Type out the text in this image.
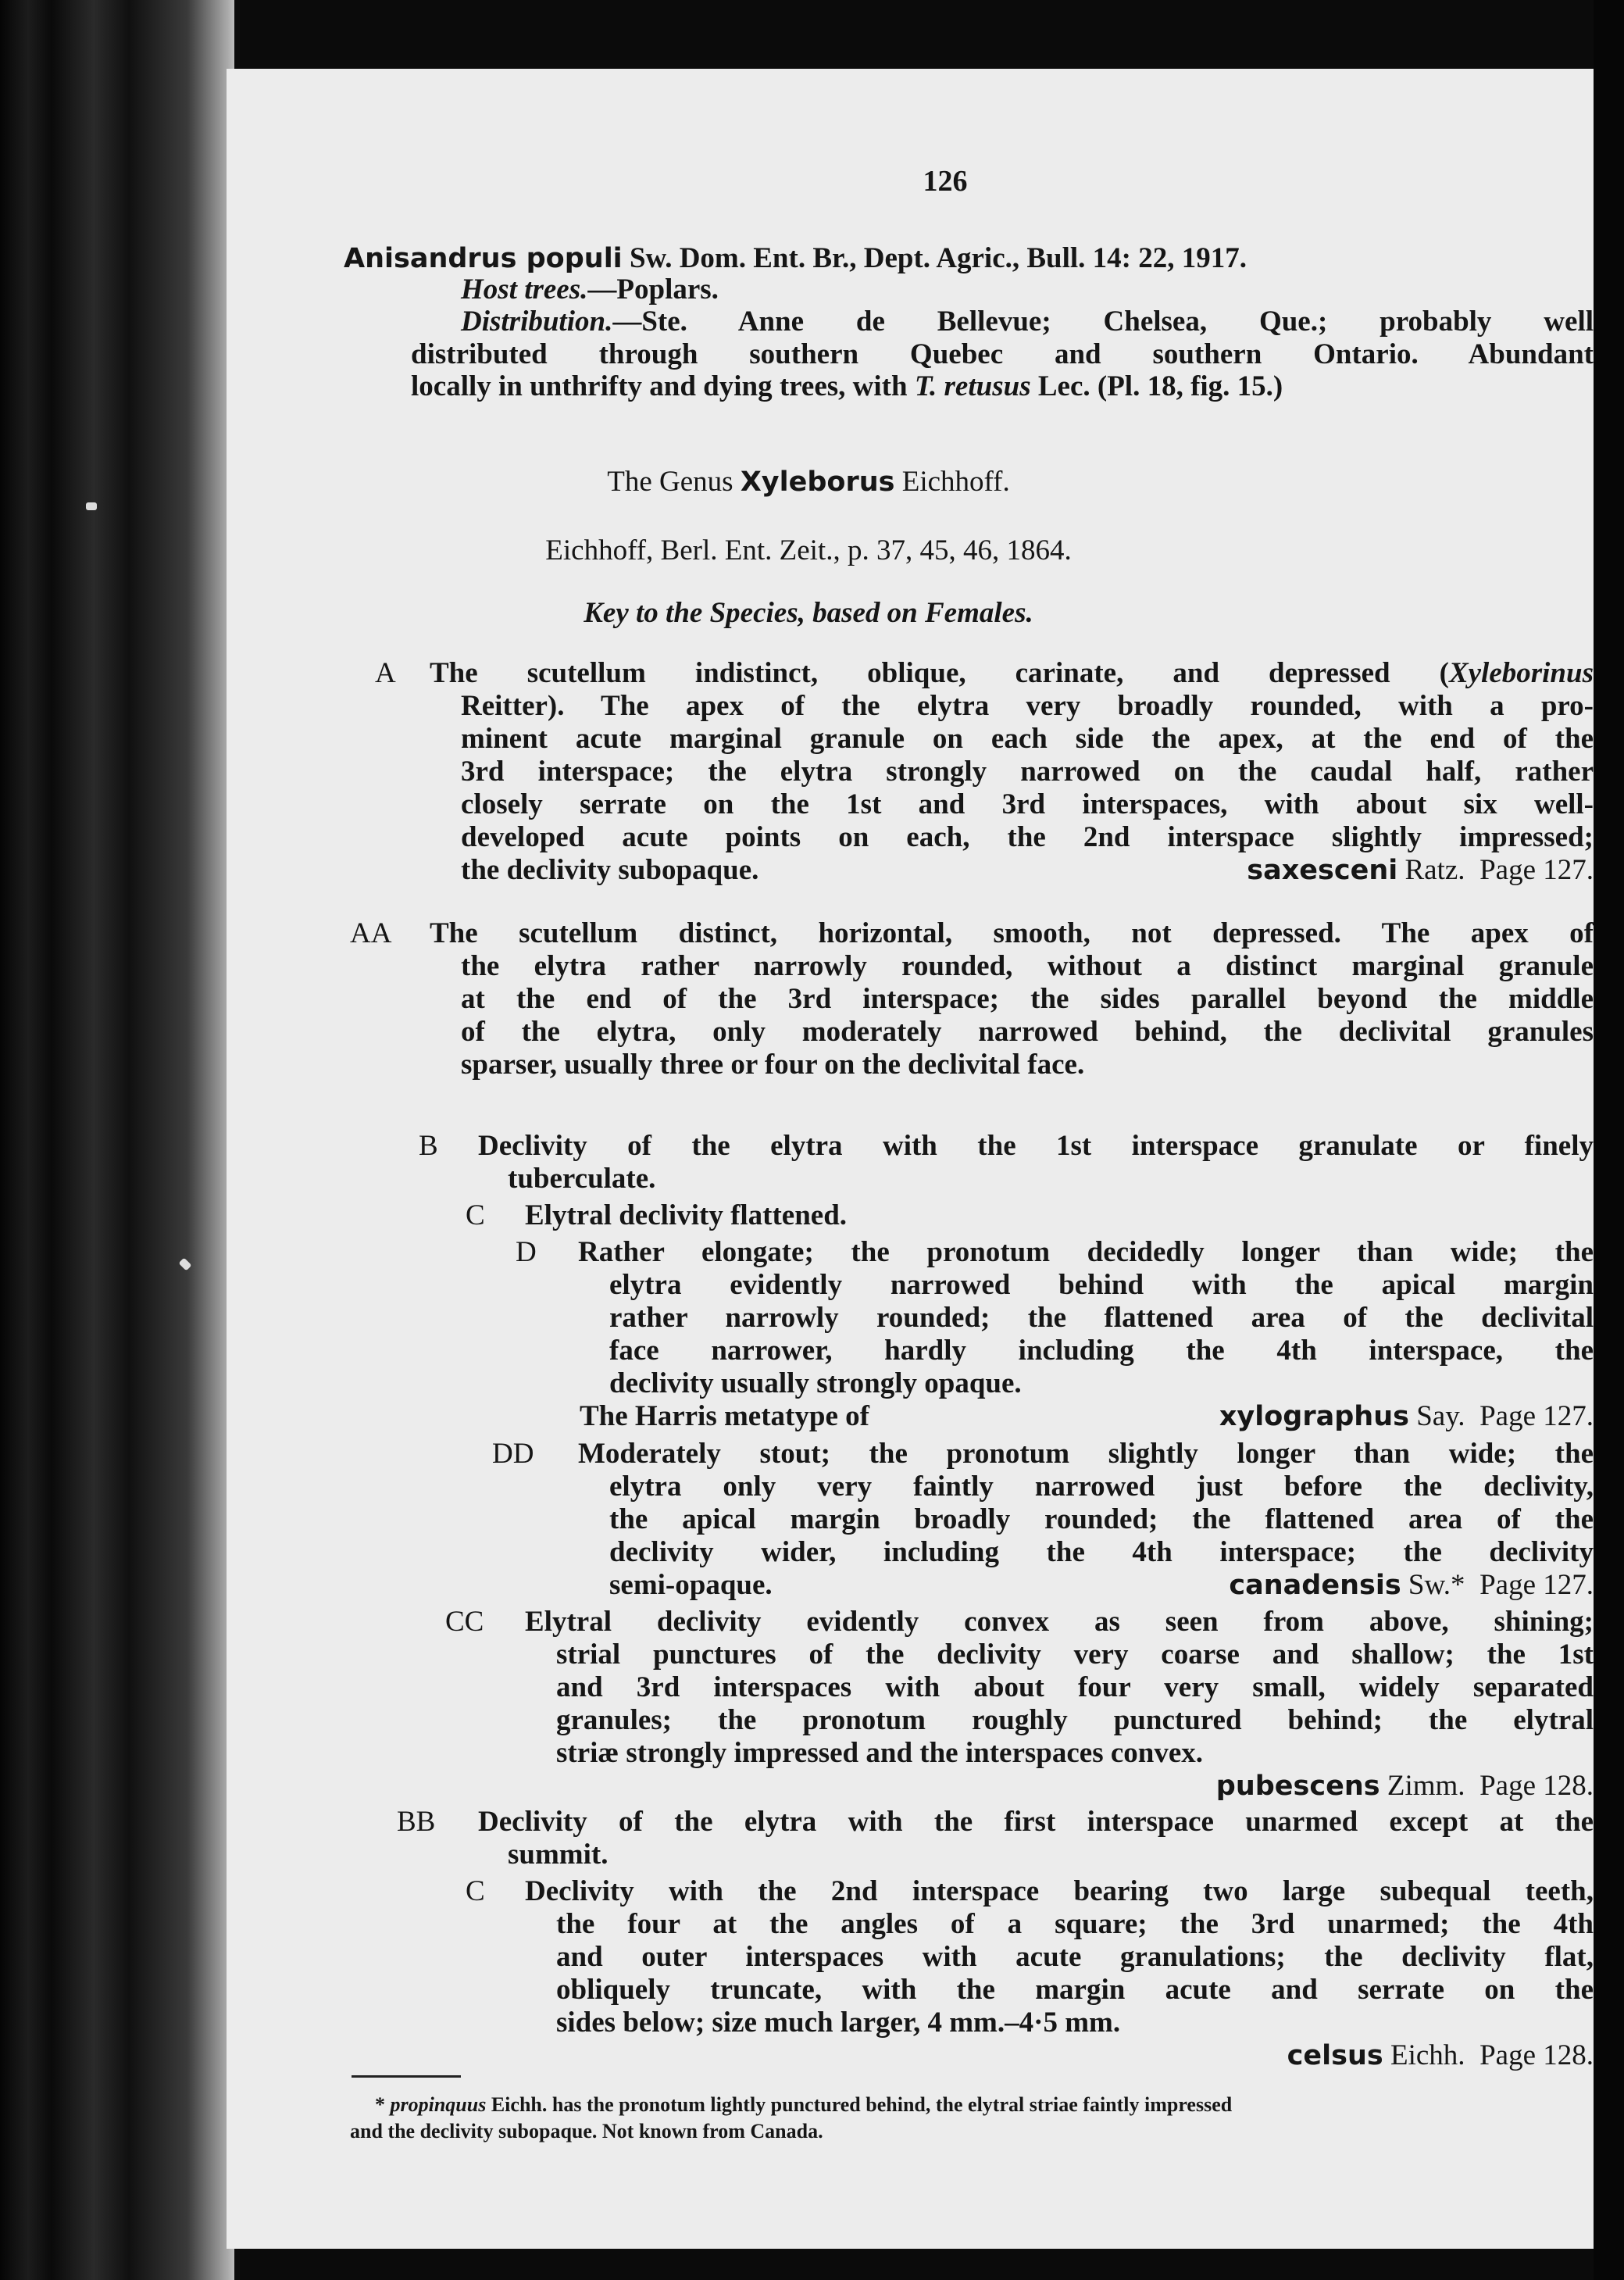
126
Anisandrus populi Sw. Dom. Ent. Br., Dept. Agric., Bull. 14: 22, 1917.
Host trees.—Poplars.
Distribution.—Ste. Anne de Bellevue; Chelsea, Que.; probably well
distributed through southern Quebec and southern Ontario. Abundant
locally in unthrifty and dying trees, with T. retusus Lec. (Pl. 18, fig. 15.)
The Genus Xyleborus Eichhoff.
Eichhoff, Berl. Ent. Zeit., p. 37, 45, 46, 1864.
Key to the Species, based on Females.
A The scutellum indistinct, oblique, carinate, and depressed (Xyleborinus
Reitter). The apex of the elytra very broadly rounded, with a pro-
minent acute marginal granule on each side the apex, at the end of the
3rd interspace; the elytra strongly narrowed on the caudal half, rather
closely serrate on the 1st and 3rd interspaces, with about six well-
developed acute points on each, the 2nd interspace slightly impressed;
the declivity subopaque.	saxesceni Ratz. Page 127.
AA The scutellum distinct, horizontal, smooth, not depressed. The apex of
the elytra rather narrowly rounded, without a distinct marginal granule
at the end of the 3rd interspace; the sides parallel beyond the middle
of the elytra, only moderately narrowed behind, the declivital granules
sparser, usually three or four on the declivital face.
B Declivity of the elytra with the 1st interspace granulate or finely
tuberculate.
C Elytral declivity flattened.
D Rather elongate; the pronotum decidedly longer than wide; the
elytra evidently narrowed behind with the apical margin
rather narrowly rounded; the flattened area of the declivital
face narrower, hardly including the 4th interspace, the
declivity usually strongly opaque.
The Harris metatype of	xylographus Say. Page 127.
DD Moderately stout; the pronotum slightly longer than wide; the
elytra only very faintly narrowed just before the declivity,
the apical margin broadly rounded; the flattened area of the
declivity wider, including the 4th interspace; the declivity
semi-opaque.	canadensis Sw.* Page 127.
CC Elytral declivity evidently convex as seen from above, shining;
strial punctures of the declivity very coarse and shallow; the 1st
and 3rd interspaces with about four very small, widely separated
granules; the pronotum roughly punctured behind; the elytral
striæ strongly impressed and the interspaces convex.
pubescens Zimm. Page 128.
BB Declivity of the elytra with the first interspace unarmed except at the
summit.
C Declivity with the 2nd interspace bearing two large subequal teeth,
the four at the angles of a square; the 3rd unarmed; the 4th
and outer interspaces with acute granulations; the declivity flat,
obliquely truncate, with the margin acute and serrate on the
sides below; size much larger, 4 mm.–4·5 mm.
celsus Eichh. Page 128.
* propinquus Eichh. has the pronotum lightly punctured behind, the elytral striae faintly impressed
and the declivity subopaque. Not known from Canada.
